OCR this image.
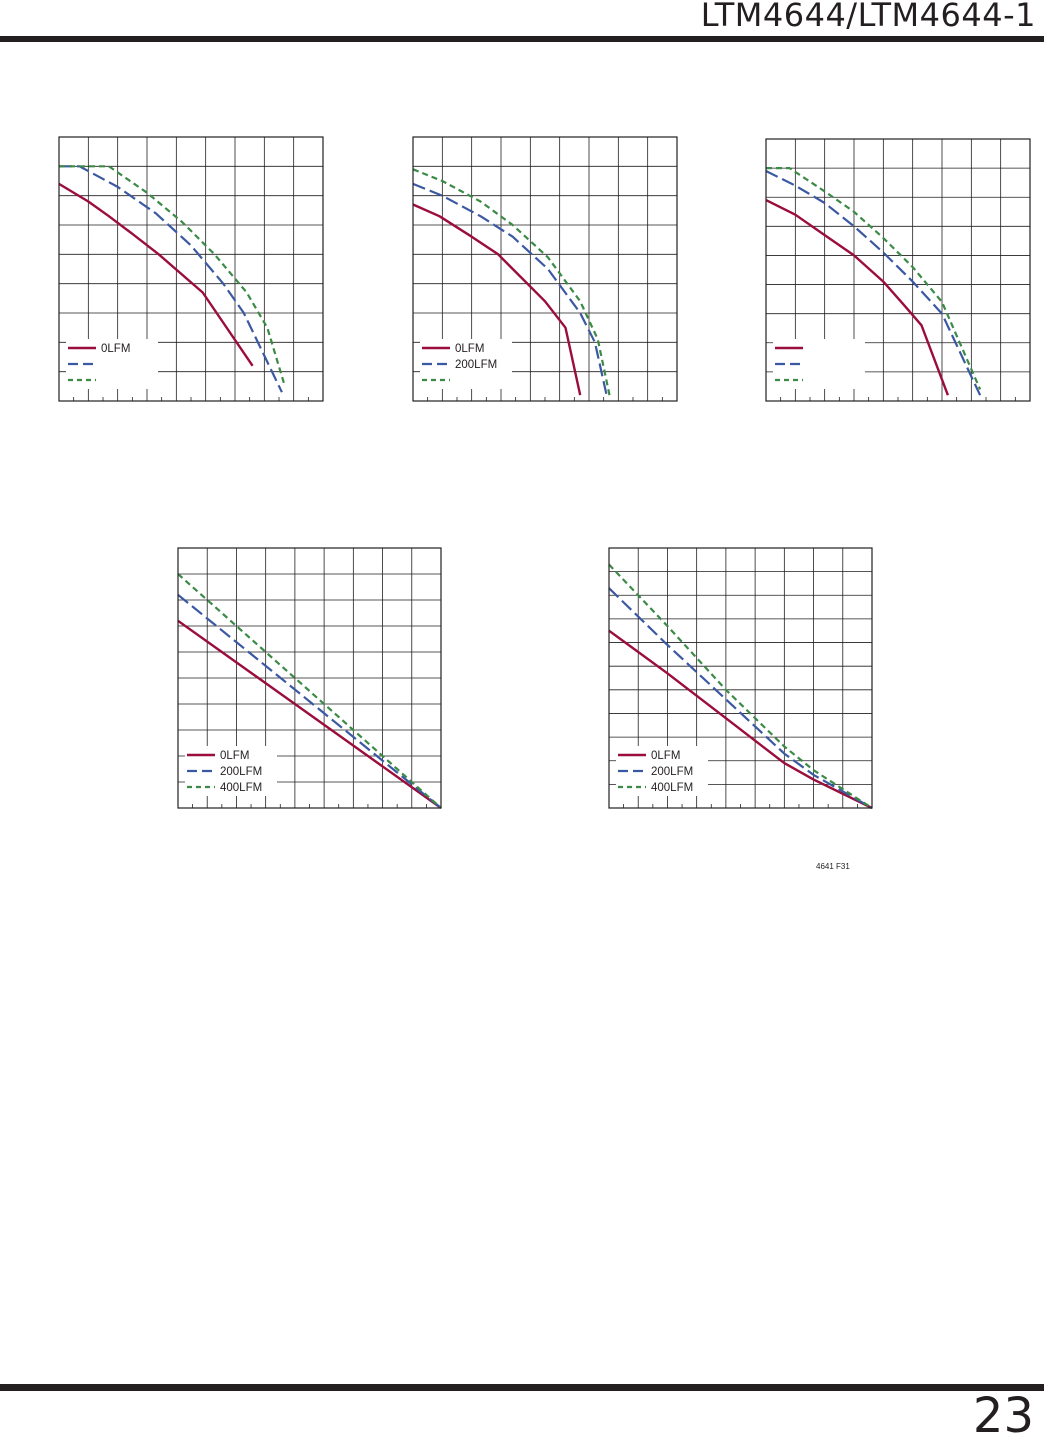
LTM4644/LTM4644-1
0LFM	0LFM
200LFM
0LFM
200LFM
400LFM
0LFM
200LFM
400LFM
4641 F31
23
